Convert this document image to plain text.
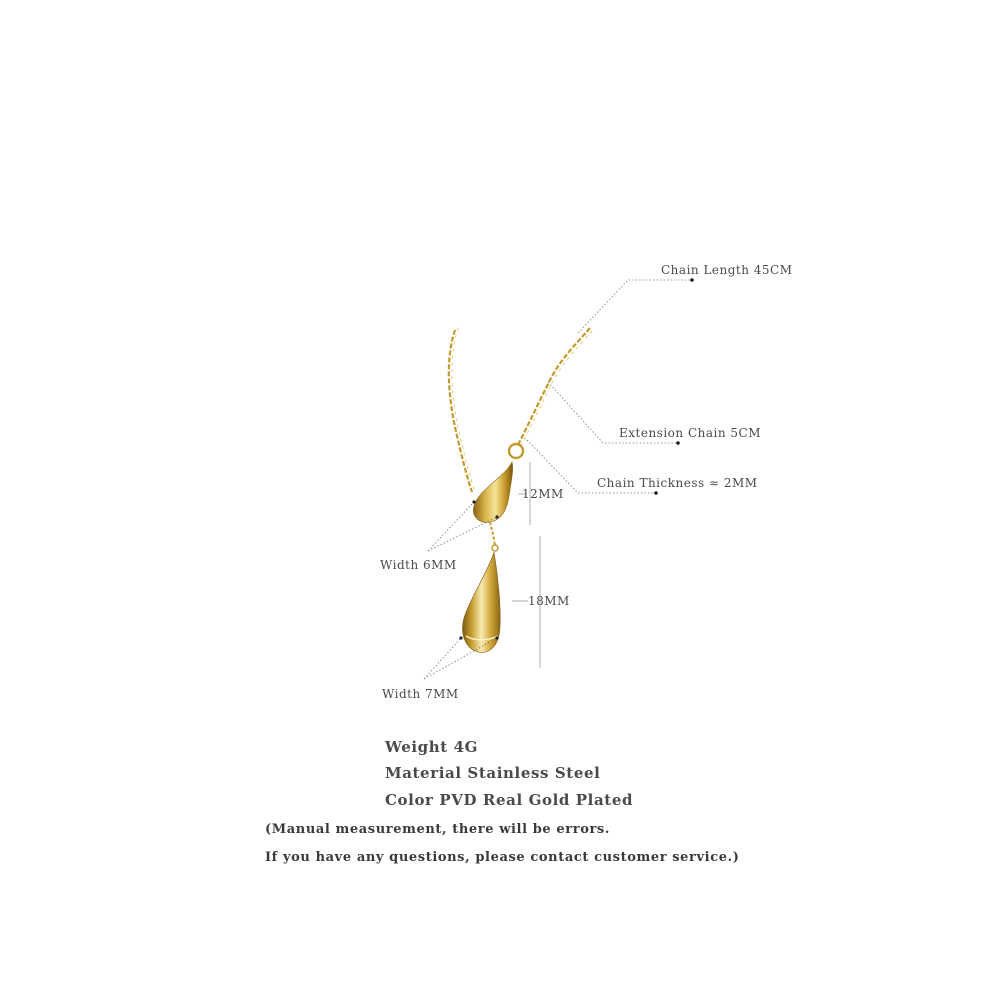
Chain Length 45CM
Extension Chain 5CM
Chain Thickness ≈ 2MM
12MM
Width 6MM
18MM
Width 7MM
Weight 4G
Material Stainless Steel
Color PVD Real Gold Plated
(Manual measurement, there will be errors.
If you have any questions, please contact customer service.)
